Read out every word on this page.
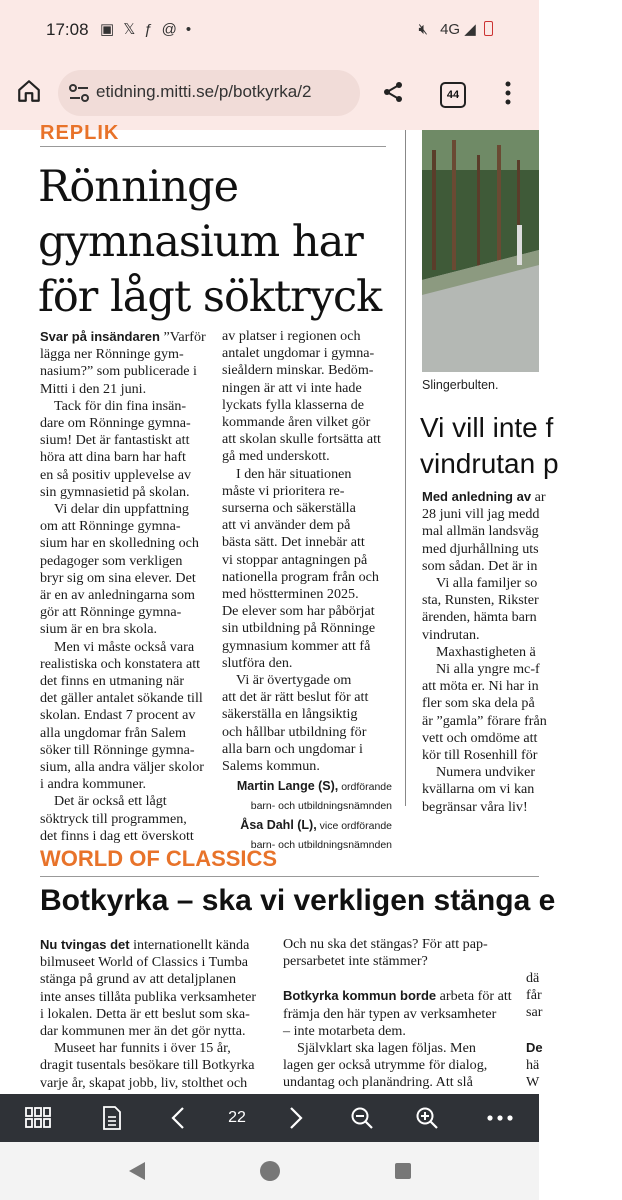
17:08 ▣𝕏ƒ@•	🔇︎ 4G ◢
etidning.mitti.se/p/botkyrka/2	44
REPLIK
Rönninge
gymnasium har
för lågt söktryck

Svar på insändaren ”Varför
lägga ner Rönninge gym-
nasium?” som publicerade i
Mitti i den 21 juni.

Tack för din fina insän-
dare om Rönninge gymna-
sium! Det är fantastiskt att
höra att dina barn har haft
en så positiv upplevelse av
sin gymnasietid på skolan.

Vi delar din uppfattning
om att Rönninge gymna-
sium har en skolledning och
pedagoger som verkligen
bryr sig om sina elever. Det
är en av anledningarna som
gör att Rönninge gymna-
sium är en bra skola.

Men vi måste också vara
realistiska och konstatera att
det finns en utmaning när
det gäller antalet sökande till
skolan. Endast 7 procent av
alla ungdomar från Salem
söker till Rönninge gymna-
sium, alla andra väljer skolor
i andra kommuner.

Det är också ett lågt
söktryck till programmen,
det finns i dag ett överskott

av platser i regionen och
antalet ungdomar i gymna-
sieåldern minskar. Bedöm-
ningen är att vi inte hade
lyckats fylla klasserna de
kommande åren vilket gör
att skolan skulle fortsätta att
gå med underskott.

I den här situationen
måste vi prioritera re-
surserna och säkerställa
att vi använder dem på
bästa sätt. Det innebär att
vi stoppar antagningen på
nationella program från och
med höstterminen 2025.
De elever som har påbörjat
sin utbildning på Rönninge
gymnasium kommer att få
slutföra den.

Vi är övertygade om
att det är rätt beslut för att
säkerställa en långsiktig
och hållbar utbildning för
alla barn och ungdomar i
Salems kommun.

Martin Lange (S), ordförande
barn- och utbildningsnämnden
Åsa Dahl (L), vice ordförande
barn- och utbildningsnämnden
Slingerbulten.
Vi vill inte f
vindrutan p

Med anledning av ar
28 juni vill jag medd
mal allmän landsväg
med djurhållning uts
som sådan. Det är in

Vi alla familjer so
sta, Runsten, Rikster
ärenden, hämta barn
vindrutan.

Maxhastigheten ä

Ni alla yngre mc-f
att möta er. Ni har in
fler som ska dela på
är ”gamla” förare från
vett och omdöme att
kör till Rosenhill för

Numera undviker
kvällarna om vi kan
begränsar våra liv!

WORLD OF CLASSICS
Botkyrka – ska vi verkligen stänga e

Nu tvingas det internationellt kända
bilmuseet World of Classics i Tumba
stänga på grund av att detaljplanen
inte anses tillåta publika verksamheter
i lokalen. Detta är ett beslut som ska-
dar kommunen mer än det gör nytta.

Museet har funnits i över 15 år,
dragit tusentals besökare till Botkyrka
varje år, skapat jobb, liv, stolthet och

Och nu ska det stängas? För att pap-
persarbetet inte stämmer?

Botkyrka kommun borde arbeta för att
främja den här typen av verksamheter
– inte motarbeta dem.

Självklart ska lagen följas. Men
lagen ger också utrymme för dialog,
undantag och planändring. Att slå

dä
får
sar

De
hä
W

22
